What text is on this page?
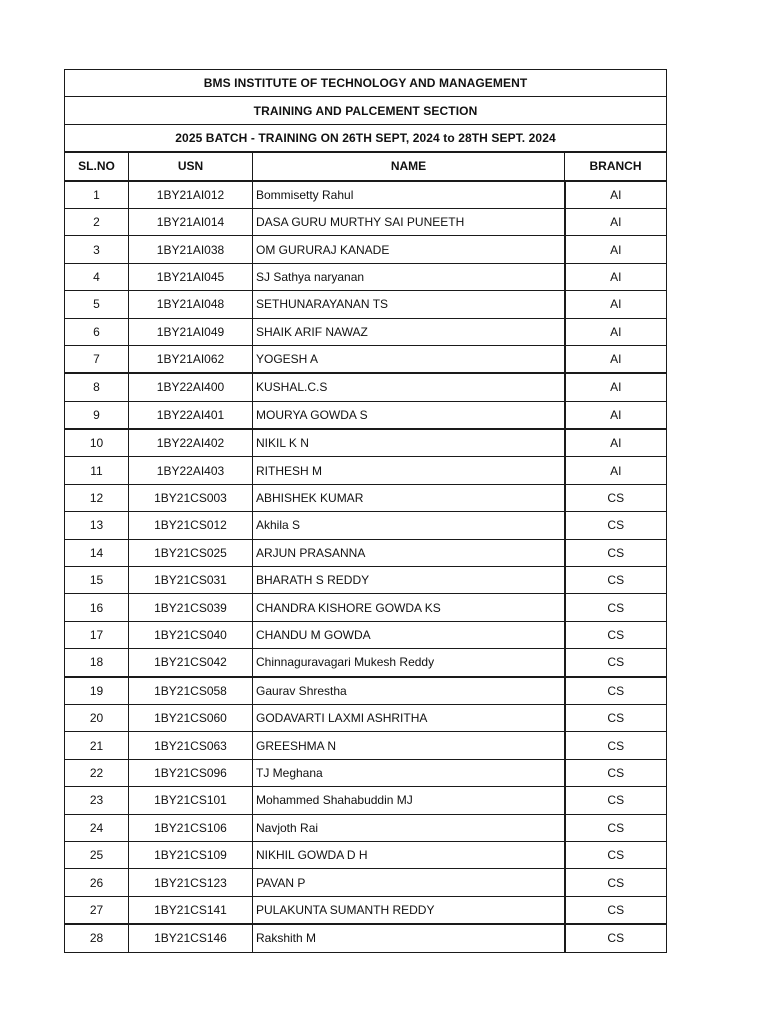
BMS INSTITUTE OF TECHNOLOGY AND MANAGEMENT			
TRAINING AND PALCEMENT SECTION			
2025 BATCH - TRAINING ON 26TH SEPT, 2024 to 28TH SEPT. 2024			
SL.NO	USN	NAME	BRANCH
1	1BY21AI012	Bommisetty Rahul	AI
2	1BY21AI014	DASA GURU MURTHY SAI PUNEETH	AI
3	1BY21AI038	OM GURURAJ KANADE	AI
4	1BY21AI045	SJ Sathya naryanan	AI
5	1BY21AI048	SETHUNARAYANAN TS	AI
6	1BY21AI049	SHAIK ARIF NAWAZ	AI
7	1BY21AI062	YOGESH A	AI
8	1BY22AI400	KUSHAL.C.S	AI
9	1BY22AI401	MOURYA GOWDA S	AI
10	1BY22AI402	NIKIL K N	AI
11	1BY22AI403	RITHESH M	AI
12	1BY21CS003	ABHISHEK KUMAR	CS
13	1BY21CS012	Akhila S	CS
14	1BY21CS025	ARJUN PRASANNA	CS
15	1BY21CS031	BHARATH S REDDY	CS
16	1BY21CS039	CHANDRA KISHORE GOWDA KS	CS
17	1BY21CS040	CHANDU M GOWDA	CS
18	1BY21CS042	Chinnaguravagari Mukesh Reddy	CS
19	1BY21CS058	Gaurav Shrestha	CS
20	1BY21CS060	GODAVARTI LAXMI ASHRITHA	CS
21	1BY21CS063	GREESHMA N	CS
22	1BY21CS096	TJ Meghana	CS
23	1BY21CS101	Mohammed Shahabuddin MJ	CS
24	1BY21CS106	Navjoth Rai	CS
25	1BY21CS109	NIKHIL GOWDA D H	CS
26	1BY21CS123	PAVAN P	CS
27	1BY21CS141	PULAKUNTA SUMANTH REDDY	CS
28	1BY21CS146	Rakshith M	CS
